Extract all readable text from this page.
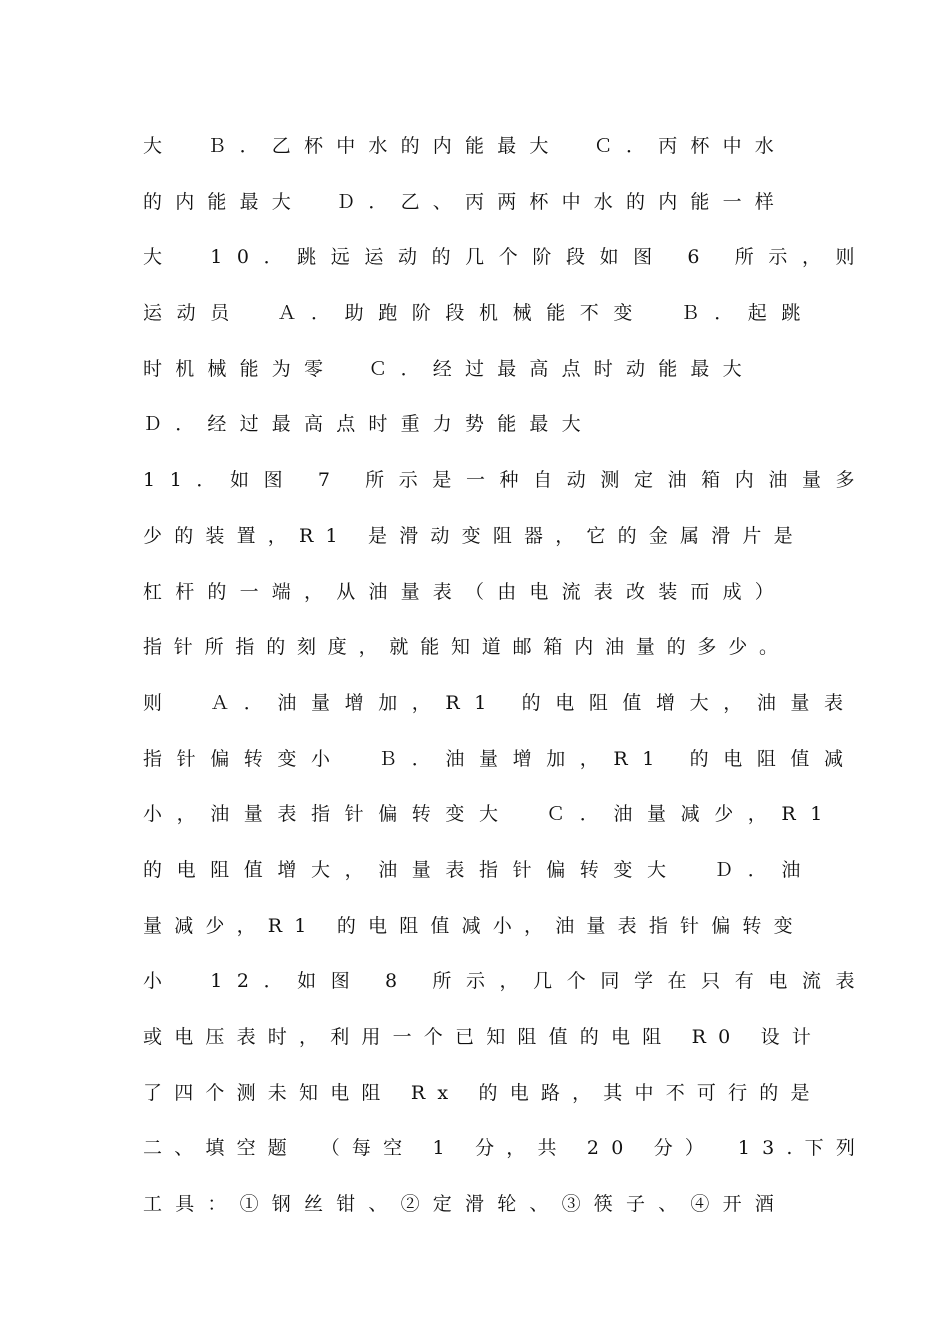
大　Ｂ．乙杯中水的内能最大　Ｃ．丙杯中水
的内能最大　Ｄ．乙、丙两杯中水的内能一样
大　10．跳远运动的几个阶段如图 6 所示，则
运动员　Ａ．助跑阶段机械能不变　Ｂ．起跳
时机械能为零　Ｃ．经过最高点时动能最大
Ｄ．经过最高点时重力势能最大
11．如图 7 所示是一种自动测定油箱内油量多
少的装置，R1 是滑动变阻器，它的金属滑片是
杠杆的一端，从油量表（由电流表改装而成）
指针所指的刻度，就能知道邮箱内油量的多少。
则　Ａ．油量增加，R1 的电阻值增大，油量表
指针偏转变小　Ｂ．油量增加，R1 的电阻值减
小，油量表指针偏转变大　Ｃ．油量减少，R1
的电阻值增大，油量表指针偏转变大　Ｄ．油
量减少，R1 的电阻值减小，油量表指针偏转变
小　12．如图 8 所示，几个同学在只有电流表
或电压表时，利用一个已知阻值的电阻 R0 设计
了四个测未知电阻 Rx 的电路，其中不可行的是
二、填空题　（每空 1 分，共 20 分）　13.下列
工具：①钢丝钳、②定滑轮、③筷子、④开酒
